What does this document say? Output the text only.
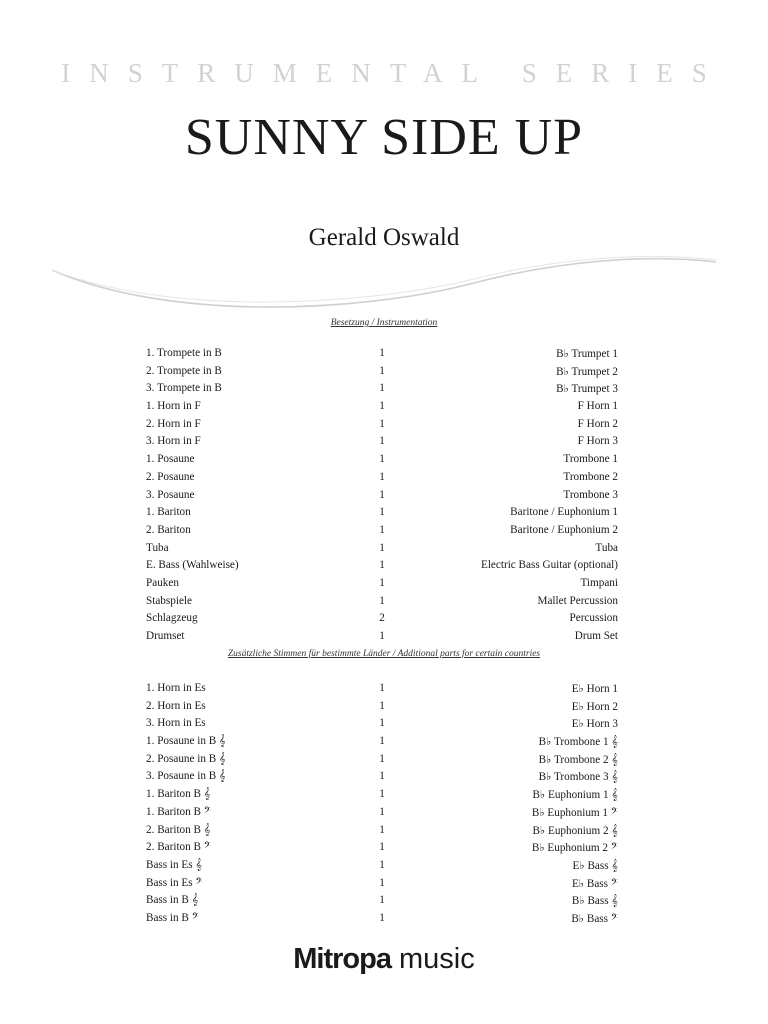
INSTRUMENTAL SERIES
SUNNY SIDE UP
Gerald Oswald
Besetzung / Instrumentation
1. Trompete in B	1	B♭ Trumpet 1
2. Trompete in B	1	B♭ Trumpet 2
3. Trompete in B	1	B♭ Trumpet 3
1. Horn in F	1	F Horn 1
2. Horn in F	1	F Horn 2
3. Horn in F	1	F Horn 3
1. Posaune	1	Trombone 1
2. Posaune	1	Trombone 2
3. Posaune	1	Trombone 3
1. Bariton	1	Baritone / Euphonium 1
2. Bariton	1	Baritone / Euphonium 2
Tuba	1	Tuba
E. Bass (Wahlweise)	1	Electric Bass Guitar (optional)
Pauken	1	Timpani
Stabspiele	1	Mallet Percussion
Schlagzeug	2	Percussion
Drumset	1	Drum Set
Zusätzliche Stimmen für bestimmte Länder / Additional parts for certain countries
1. Horn in Es	1	E♭ Horn 1
2. Horn in Es	1	E♭ Horn 2
3. Horn in Es	1	E♭ Horn 3
1. Posaune in B 𝄞	1	B♭ Trombone 1 𝄞
2. Posaune in B 𝄞	1	B♭ Trombone 2 𝄞
3. Posaune in B 𝄞	1	B♭ Trombone 3 𝄞
1. Bariton B 𝄞	1	B♭ Euphonium 1 𝄞
1. Bariton B 𝄢	1	B♭ Euphonium 1 𝄢
2. Bariton B 𝄞	1	B♭ Euphonium 2 𝄞
2. Bariton B 𝄢	1	B♭ Euphonium 2 𝄢
Bass in Es 𝄞	1	E♭ Bass 𝄞
Bass in Es 𝄢	1	E♭ Bass 𝄢
Bass in B 𝄞	1	B♭ Bass 𝄞
Bass in B 𝄢	1	B♭ Bass 𝄢
Mitropa music
